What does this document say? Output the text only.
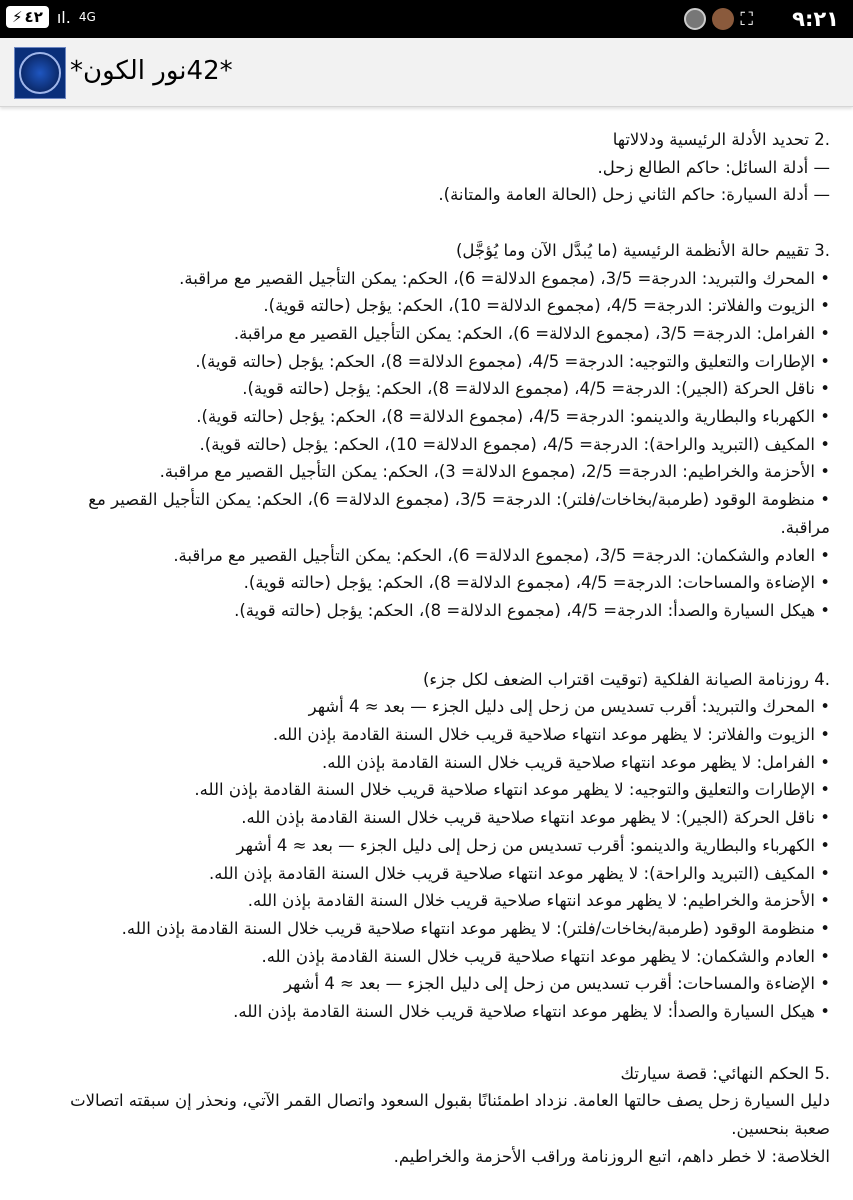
⚡ ٤٢ ıl. 4G	⛶ ٩:٢١
*42نور الكون*
.2 تحديد الأدلة الرئيسية ودلالاتها
— أدلة السائل: حاكم الطالع زحل.
— أدلة السيارة: حاكم الثاني زحل (الحالة العامة والمتانة).
.3 تقييم حالة الأنظمة الرئيسية (ما يُبدَّل الآن وما يُؤجَّل)
• المحرك والتبريد: الدرجة= 3/5، (مجموع الدلالة= 6)، الحكم: يمكن التأجيل القصير مع مراقبة.
• الزيوت والفلاتر: الدرجة= 4/5، (مجموع الدلالة= 10)، الحكم: يؤجل (حالته قوية).
• الفرامل: الدرجة= 3/5، (مجموع الدلالة= 6)، الحكم: يمكن التأجيل القصير مع مراقبة.
• الإطارات والتعليق والتوجيه: الدرجة= 4/5، (مجموع الدلالة= 8)، الحكم: يؤجل (حالته قوية).
• ناقل الحركة (الجير): الدرجة= 4/5، (مجموع الدلالة= 8)، الحكم: يؤجل (حالته قوية).
• الكهرباء والبطارية والدينمو: الدرجة= 4/5، (مجموع الدلالة= 8)، الحكم: يؤجل (حالته قوية).
• المكيف (التبريد والراحة): الدرجة= 4/5، (مجموع الدلالة= 10)، الحكم: يؤجل (حالته قوية).
• الأحزمة والخراطيم: الدرجة= 2/5، (مجموع الدلالة= 3)، الحكم: يمكن التأجيل القصير مع مراقبة.
• منظومة الوقود (طرمبة/بخاخات/فلتر): الدرجة= 3/5، (مجموع الدلالة= 6)، الحكم: يمكن التأجيل القصير مع
مراقبة.
• العادم والشكمان: الدرجة= 3/5، (مجموع الدلالة= 6)، الحكم: يمكن التأجيل القصير مع مراقبة.
• الإضاءة والمساحات: الدرجة= 4/5، (مجموع الدلالة= 8)، الحكم: يؤجل (حالته قوية).
• هيكل السيارة والصدأ: الدرجة= 4/5، (مجموع الدلالة= 8)، الحكم: يؤجل (حالته قوية).
.4 روزنامة الصيانة الفلكية (توقيت اقتراب الضعف لكل جزء)
• المحرك والتبريد: أقرب تسديس من زحل إلى دليل الجزء — بعد ≈ 4 أشهر
• الزيوت والفلاتر: لا يظهر موعد انتهاء صلاحية قريب خلال السنة القادمة بإذن الله.
• الفرامل: لا يظهر موعد انتهاء صلاحية قريب خلال السنة القادمة بإذن الله.
• الإطارات والتعليق والتوجيه: لا يظهر موعد انتهاء صلاحية قريب خلال السنة القادمة بإذن الله.
• ناقل الحركة (الجير): لا يظهر موعد انتهاء صلاحية قريب خلال السنة القادمة بإذن الله.
• الكهرباء والبطارية والدينمو: أقرب تسديس من زحل إلى دليل الجزء — بعد ≈ 4 أشهر
• المكيف (التبريد والراحة): لا يظهر موعد انتهاء صلاحية قريب خلال السنة القادمة بإذن الله.
• الأحزمة والخراطيم: لا يظهر موعد انتهاء صلاحية قريب خلال السنة القادمة بإذن الله.
• منظومة الوقود (طرمبة/بخاخات/فلتر): لا يظهر موعد انتهاء صلاحية قريب خلال السنة القادمة بإذن الله.
• العادم والشكمان: لا يظهر موعد انتهاء صلاحية قريب خلال السنة القادمة بإذن الله.
• الإضاءة والمساحات: أقرب تسديس من زحل إلى دليل الجزء — بعد ≈ 4 أشهر
• هيكل السيارة والصدأ: لا يظهر موعد انتهاء صلاحية قريب خلال السنة القادمة بإذن الله.
.5 الحكم النهائي: قصة سيارتك
دليل السيارة زحل يصف حالتها العامة. نزداد اطمئنانًا بقبول السعود واتصال القمر الآتي، ونحذر إن سبقته اتصالات
صعبة بنحسين.
الخلاصة: لا خطر داهم، اتبع الروزنامة وراقب الأحزمة والخراطيم.
